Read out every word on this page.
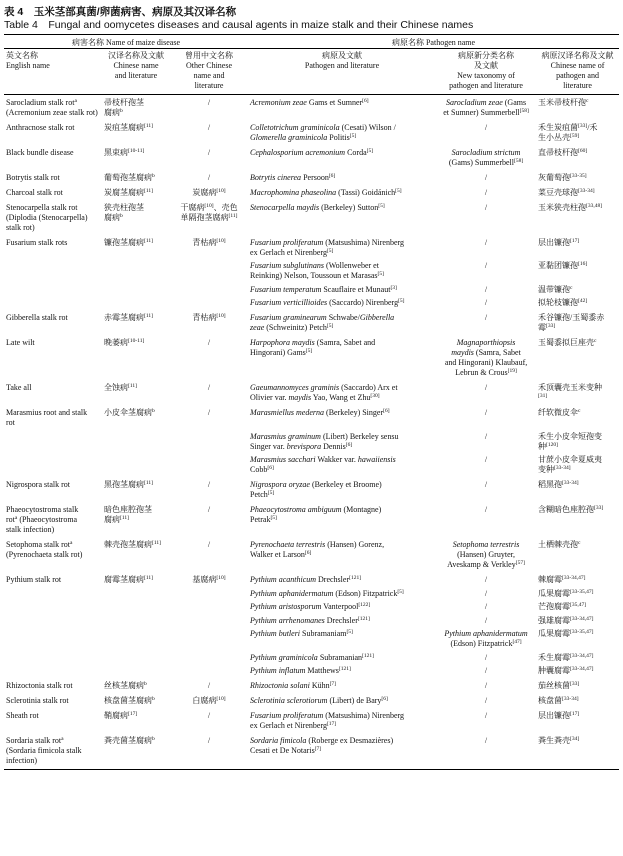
表 4　玉米茎部真菌/卵菌病害、病原及其汉译名称
Table 4　Fungal and oomycetes diseases and causal agents in maize stalk and their Chinese names
病害名称 Name of maize disease			病原名称 Pathogen name		
英文名称
English name	汉译名称及文献
Chinese name
and literature	曾用中文名称
Other Chinese
name and
literature	病原及文献
Pathogen and literature	病原新分类名称
及文献
New taxonomy of
pathogen and literature	病原汉译名称及文献
Chinese name of
pathogen and
literature
Sarocladium stalk rot$^a$
(Acremonium zeae stalk rot)	帚枝杆孢茎
腐病$^b$	/	Acremonium zeae Gams et Sumner[6]	Sarocladium zeae (Gams
et Sumner) Summerbell[58]	玉米帚枝杆孢$^c$
Anthracnose stalk rot	炭疽茎腐病[11]	/	Colletotrichum graminicola (Cesati) Wilson /
Glomerella graminicola Politis[5]	/	禾生炭疽菌[33]/禾
生小丛壳[59]
Black bundle disease	黑束病[10-11]	/	Cephalosporium acremonium Corda[5]	Sarocladium strictum
(Gams) Summerbell[58]	直帚枝杆孢[60]
Botrytis stalk rot	葡萄孢茎腐病$^b$	/	Botrytis cinerea Persoon[6]	/	灰葡萄孢[33-35]
Charcoal stalk rot	炭腐茎腐病[11]	炭腐病[10]	Macrophomina phaseolina (Tassi) Goidánich[5]	/	菜豆壳球孢[33-34]
Stenocarpella stalk rot
(Diplodia (Stenocarpella)
stalk rot)	狭壳柱孢茎
腐病$^b$	干腐病[10]、壳色
单隔孢茎腐病[11]	Stenocarpella maydis (Berkeley) Sutton[5]	/	玉米狭壳柱孢[33,48]
Fusarium stalk rots	镰孢茎腐病[11]	青枯病[10]	Fusarium proliferatum (Matsushima) Nirenberg
ex Gerlach et Nirenberg[5]	/	层出镰孢[17]
			Fusarium subglutinans (Wollenweber et
Reinking) Nelson, Toussoun et Marasas[5]	/	亚黏团镰孢[16]
			Fusarium temperatum Scauflaire et Munaut[3]	/	温带镰孢$^c$
			Fusarium verticillioides (Saccardo) Nirenberg[5]	/	拟轮枝镰孢[42]
Gibberella stalk rot	赤霉茎腐病[11]	青枯病[10]	Fusarium graminearum Schwabe/Gibberella
zeae (Schweinitz) Petch[5]	/	禾谷镰孢/玉蜀黍赤
霉[33]
Late wilt	晚萎病[10-11]	/	Harpophora maydis (Samra, Sabet and
Hingorani) Gams[5]	Magnaporthiopsis
maydis (Samra, Sabet
and Hingorani) Klaubauf,
Lebrun & Crous[19]	玉蜀黍拟巨座壳$^c$
Take all	全蚀病[11]	/	Gaeumannomyces graminis (Saccardo) Arx et
Olivier var. maydis Yao, Wang et Zhu[30]	/	禾顶囊壳玉米变种
[31]
Marasmius root and stalk
rot	小皮伞茎腐病$^b$	/	Marasmiellus mederna (Berkeley) Singer[6]	/	纤软微皮伞$^c$
			Marasmius graminum (Libert) Berkeley sensu
Singer var. brevispora Dennis[6]	/	禾生小皮伞短孢变
种[120]
			Marasmius sacchari Wakker var. hawaiiensis
Cobb[6]	/	甘蔗小皮伞夏威夷
变种[33-34]
Nigrospora stalk rot	黑孢茎腐病[11]	/	Nigrospora oryzae (Berkeley et Broome)
Petch[5]	/	稻黑孢[33-34]
Phaeocytostroma stalk
rot$^a$ (Phaeocytostroma
stalk infection)	暗色座腔孢茎
腐病[11]	/	Phaeocytostroma ambiguum (Montagne)
Petrak[5]	/	含糊暗色座腔孢[33]
Setophoma stalk rot$^a$
(Pyrenochaeta stalk rot)	棘壳孢茎腐病[11]	/	Pyrenochaeta terrestris (Hansen) Gorenz,
Walker et Larson[6]	Setophoma terrestris
(Hansen) Gruyter,
Aveskamp & Verkley[57]	土栖棘壳孢$^c$
Pythium stalk rot	腐霉茎腐病[11]	基腐病[10]	Pythium acanthicum Drechsler[121]	/	棘腐霉[33-34,47]
			Pythium aphanidermatum (Edson) Fitzpatrick[5]	/	瓜果腐霉[33-35,47]
			Pythium aristosporum Vanterpool[122]	/	芒孢腐霉[35,47]
			Pythium arrhenomanes Drechsler[121]	/	强雄腐霉[33-34,47]
			Pythium butleri Subramaniam[5]	Pythium aphanidermatum
(Edson) Fitzpatrick[47]	瓜果腐霉[33-35,47]
			Pythium graminicola Subramanian[121]	/	禾生腐霉[33-34,47]
			Pythium inflatum Matthews[121]	/	肿囊腐霉[33-34,47]
Rhizoctonia stalk rot	丝核茎腐病$^b$	/	Rhizoctonia solani Kühn[7]	/	茄丝核菌[33]
Sclerotinia stalk rot	核盘菌茎腐病$^b$	白腐病[10]	Sclerotinia sclerotiorum (Libert) de Bary[6]	/	核盘菌[33-34]
Sheath rot	鞘腐病[17]	/	Fusarium proliferatum (Matsushima) Nirenberg
ex Gerlach et Nirenberg[17]	/	层出镰孢[17]
Sordaria stalk rot$^a$
(Sordaria fimicola stalk
infection)	粪壳菌茎腐病$^b$	/	Sordaria fimicola (Roberge ex Desmazières)
Cesati et De Notaris[7]	/	粪生粪壳[34]
